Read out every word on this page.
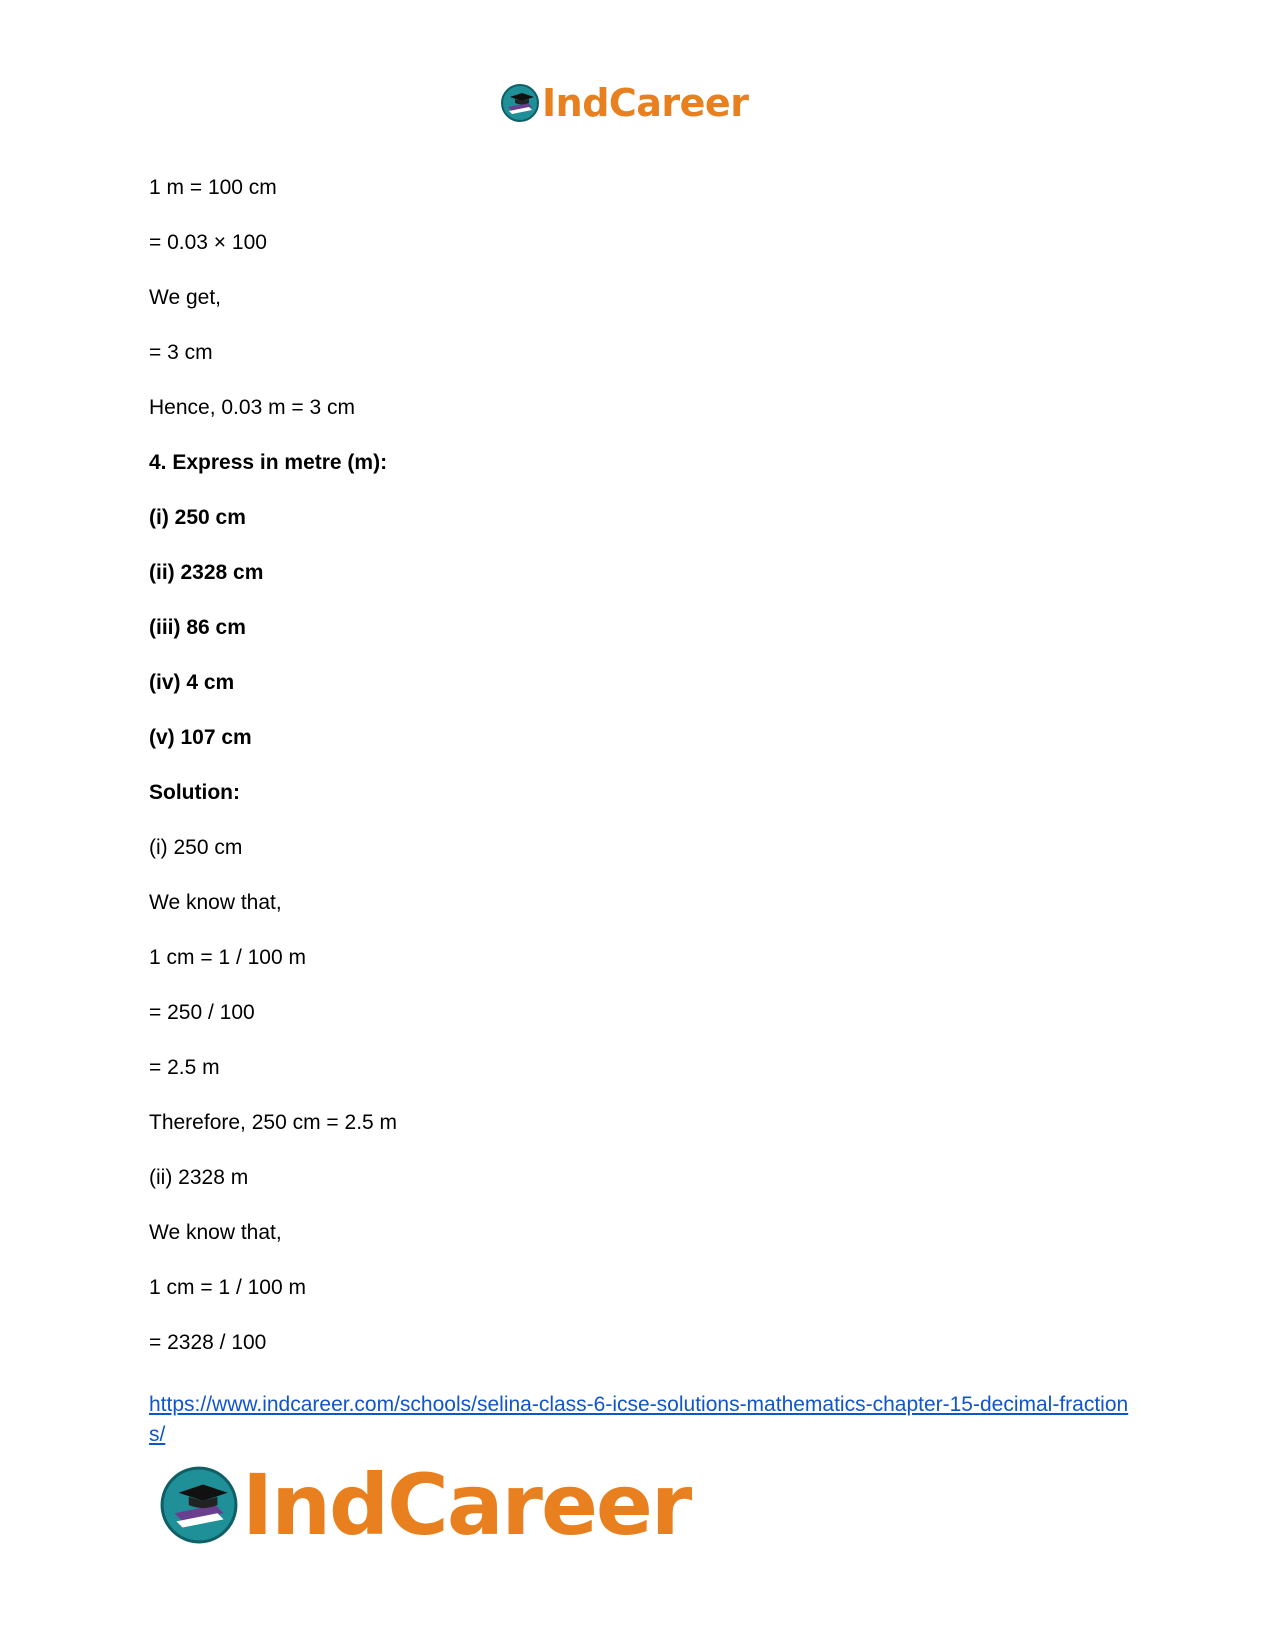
IndCareer
1 m = 100 cm
= 0.03 × 100
We get,
= 3 cm
Hence, 0.03 m = 3 cm
4. Express in metre (m):
(i) 250 cm
(ii) 2328 cm
(iii) 86 cm
(iv) 4 cm
(v) 107 cm
Solution:
(i) 250 cm
We know that,
1 cm = 1 / 100 m
= 250 / 100
= 2.5 m
Therefore, 250 cm = 2.5 m
(ii) 2328 m
We know that,
1 cm = 1 / 100 m
= 2328 / 100
https://www.indcareer.com/schools/selina-class-6-icse-solutions-mathematics-chapter-15-decimal-fractions/
IndCareer
